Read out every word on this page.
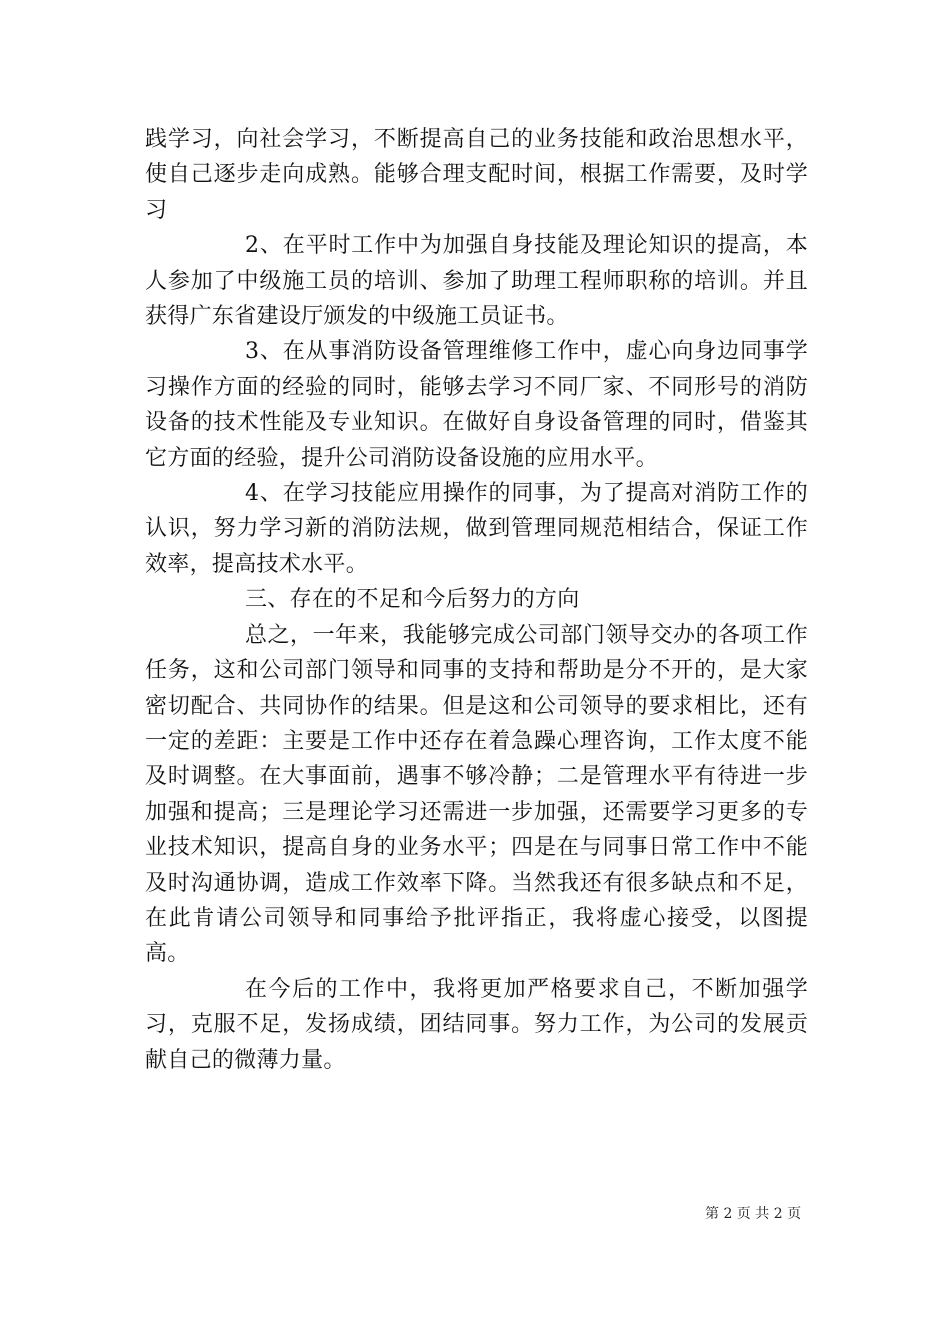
践学习，向社会学习，不断提高自己的业务技能和政治思想水平，使自己逐步走向成熟。能够合理支配时间，根据工作需要，及时学习

2、在平时工作中为加强自身技能及理论知识的提高，本人参加了中级施工员的培训、参加了助理工程师职称的培训。并且获得广东省建设厅颁发的中级施工员证书。

3、在从事消防设备管理维修工作中，虚心向身边同事学习操作方面的经验的同时，能够去学习不同厂家、不同形号的消防设备的技术性能及专业知识。在做好自身设备管理的同时，借鉴其它方面的经验，提升公司消防设备设施的应用水平。

4、在学习技能应用操作的同事，为了提高对消防工作的认识，努力学习新的消防法规，做到管理同规范相结合，保证工作效率，提高技术水平。

三、存在的不足和今后努力的方向

总之，一年来，我能够完成公司部门领导交办的各项工作任务，这和公司部门领导和同事的支持和帮助是分不开的，是大家密切配合、共同协作的结果。但是这和公司领导的要求相比，还有一定的差距：主要是工作中还存在着急躁心理咨询，工作太度不能及时调整。在大事面前，遇事不够冷静；二是管理水平有待进一步加强和提高；三是理论学习还需进一步加强，还需要学习更多的专业技术知识，提高自身的业务水平；四是在与同事日常工作中不能及时沟通协调，造成工作效率下降。当然我还有很多缺点和不足，在此肯请公司领导和同事给予批评指正，我将虚心接受，以图提高。

在今后的工作中，我将更加严格要求自己，不断加强学习，克服不足，发扬成绩，团结同事。努力工作，为公司的发展贡献自己的微薄力量。

第 2 页 共 2 页
